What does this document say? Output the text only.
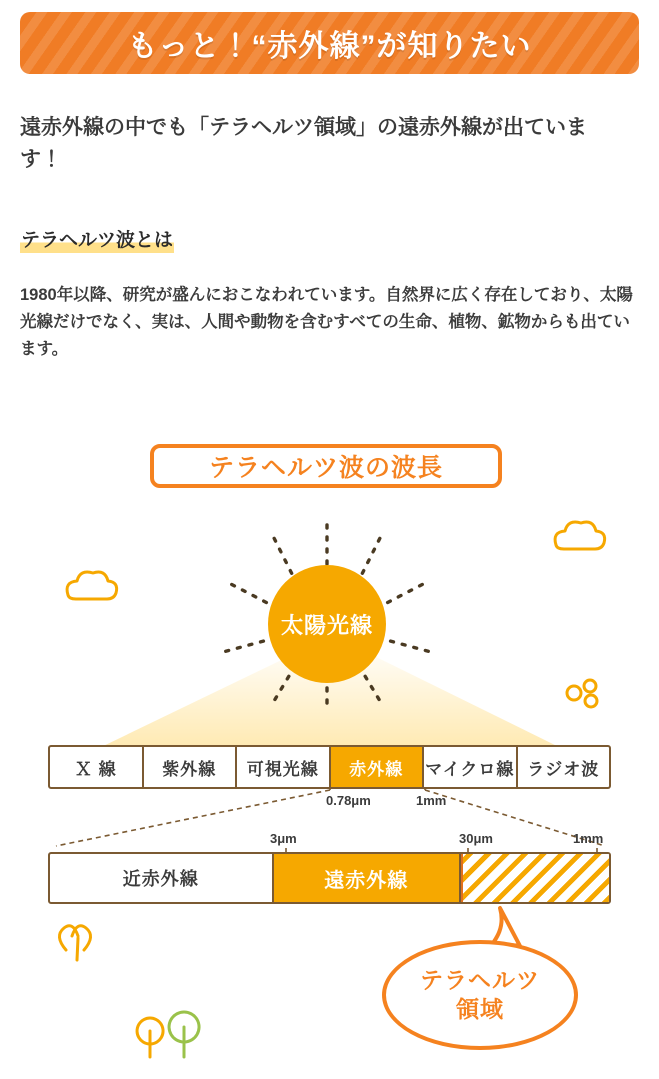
もっと！“赤外線”が知りたい
遠赤外線の中でも「テラヘルツ領域」の遠赤外線が出ています！
テラヘルツ波とは
1980年以降、研究が盛んにおこなわれています。自然界に広く存在しており、太陽光線だけでなく、実は、人間や動物を含むすべての生命、植物、鉱物からも出ています。
テラヘルツ波の波長
太陽光線
Ｘ 線	紫外線	可視光線	赤外線	マイクロ線 ラジオ波
0.78μm	1mm
3μm	30μm	1mm
近赤外線	遠赤外線
テラヘルツ
領域
